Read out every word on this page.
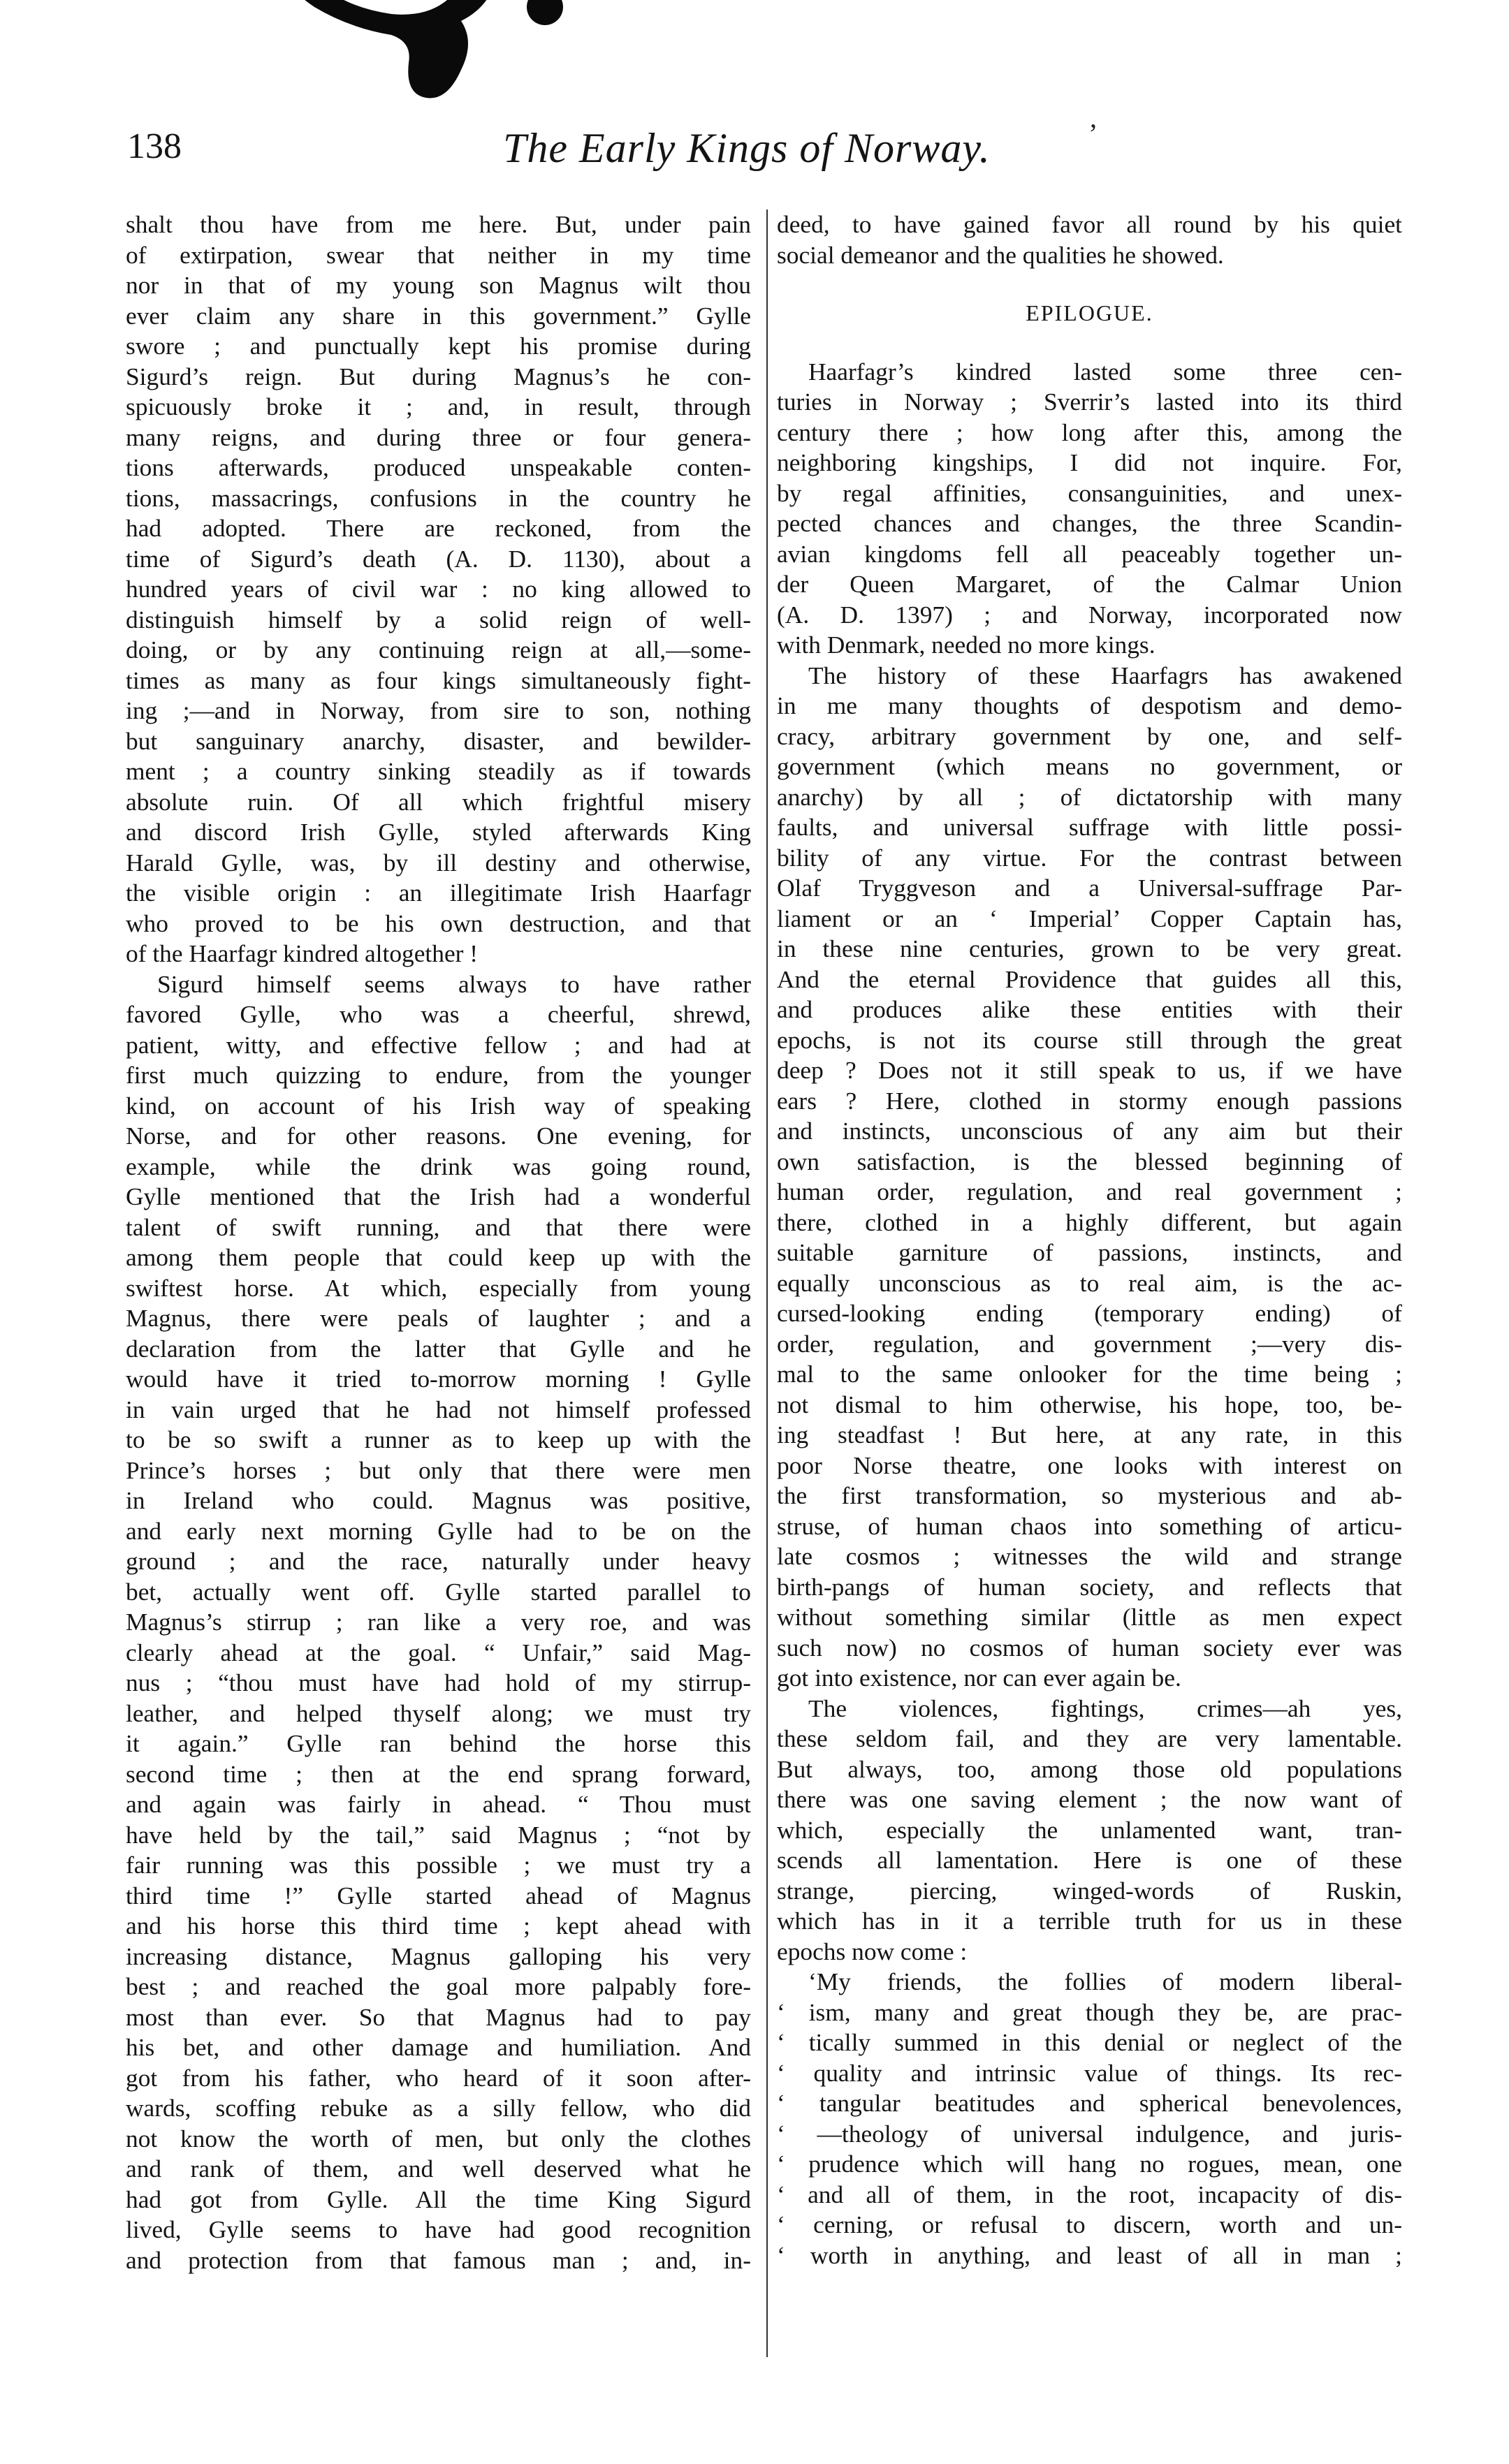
ʼ
138	The Early Kings of Norway.
shalt thou have from me here. But, under pain
of extirpation, swear that neither in my time
nor in that of my young son Magnus wilt thou
ever claim any share in this government.” Gylle
swore ; and punctually kept his promise during
Sigurd’s reign. But during Magnus’s he con-
spicuously broke it ; and, in result, through
many reigns, and during three or four genera-
tions afterwards, produced unspeakable conten-
tions, massacrings, confusions in the country he
had adopted. There are reckoned, from the
time of Sigurd’s death (A. D. 1130), about a
hundred years of civil war : no king allowed to
distinguish himself by a solid reign of well-
doing, or by any continuing reign at all,—some-
times as many as four kings simultaneously fight-
ing ;—and in Norway, from sire to son, nothing
but sanguinary anarchy, disaster, and bewilder-
ment ; a country sinking steadily as if towards
absolute ruin. Of all which frightful misery
and discord Irish Gylle, styled afterwards King
Harald Gylle, was, by ill destiny and otherwise,
the visible origin : an illegitimate Irish Haarfagr
who proved to be his own destruction, and that
of the Haarfagr kindred altogether !
Sigurd himself seems always to have rather
favored Gylle, who was a cheerful, shrewd,
patient, witty, and effective fellow ; and had at
first much quizzing to endure, from the younger
kind, on account of his Irish way of speaking
Norse, and for other reasons. One evening, for
example, while the drink was going round,
Gylle mentioned that the Irish had a wonderful
talent of swift running, and that there were
among them people that could keep up with the
swiftest horse. At which, especially from young
Magnus, there were peals of laughter ; and a
declaration from the latter that Gylle and he
would have it tried to-morrow morning ! Gylle
in vain urged that he had not himself professed
to be so swift a runner as to keep up with the
Prince’s horses ; but only that there were men
in Ireland who could. Magnus was positive,
and early next morning Gylle had to be on the
ground ; and the race, naturally under heavy
bet, actually went off. Gylle started parallel to
Magnus’s stirrup ; ran like a very roe, and was
clearly ahead at the goal. “ Unfair,” said Mag-
nus ; “thou must have had hold of my stirrup-
leather, and helped thyself along; we must try
it again.” Gylle ran behind the horse this
second time ; then at the end sprang forward,
and again was fairly in ahead. “ Thou must
have held by the tail,” said Magnus ; “not by
fair running was this possible ; we must try a
third time !” Gylle started ahead of Magnus
and his horse this third time ; kept ahead with
increasing distance, Magnus galloping his very
best ; and reached the goal more palpably fore-
most than ever. So that Magnus had to pay
his bet, and other damage and humiliation. And
got from his father, who heard of it soon after-
wards, scoffing rebuke as a silly fellow, who did
not know the worth of men, but only the clothes
and rank of them, and well deserved what he
had got from Gylle. All the time King Sigurd
lived, Gylle seems to have had good recognition
and protection from that famous man ; and, in-
deed, to have gained favor all round by his quiet
social demeanor and the qualities he showed.
EPILOGUE.
Haarfagr’s kindred lasted some three cen-
turies in Norway ; Sverrir’s lasted into its third
century there ; how long after this, among the
neighboring kingships, I did not inquire. For,
by regal affinities, consanguinities, and unex-
pected chances and changes, the three Scandin-
avian kingdoms fell all peaceably together un-
der Queen Margaret, of the Calmar Union
(A. D. 1397) ; and Norway, incorporated now
with Denmark, needed no more kings.
The history of these Haarfagrs has awakened
in me many thoughts of despotism and demo-
cracy, arbitrary government by one, and self-
government (which means no government, or
anarchy) by all ; of dictatorship with many
faults, and universal suffrage with little possi-
bility of any virtue. For the contrast between
Olaf Tryggveson and a Universal-suffrage Par-
liament or an ‘ Imperial’ Copper Captain has,
in these nine centuries, grown to be very great.
And the eternal Providence that guides all this,
and produces alike these entities with their
epochs, is not its course still through the great
deep ? Does not it still speak to us, if we have
ears ? Here, clothed in stormy enough passions
and instincts, unconscious of any aim but their
own satisfaction, is the blessed beginning of
human order, regulation, and real government ;
there, clothed in a highly different, but again
suitable garniture of passions, instincts, and
equally unconscious as to real aim, is the ac-
cursed-looking ending (temporary ending) of
order, regulation, and government ;—very dis-
mal to the same onlooker for the time being ;
not dismal to him otherwise, his hope, too, be-
ing steadfast ! But here, at any rate, in this
poor Norse theatre, one looks with interest on
the first transformation, so mysterious and ab-
struse, of human chaos into something of articu-
late cosmos ; witnesses the wild and strange
birth-pangs of human society, and reflects that
without something similar (little as men expect
such now) no cosmos of human society ever was
got into existence, nor can ever again be.
The violences, fightings, crimes—ah yes,
these seldom fail, and they are very lamentable.
But always, too, among those old populations
there was one saving element ; the now want of
which, especially the unlamented want, tran-
scends all lamentation. Here is one of these
strange, piercing, winged-words of Ruskin,
which has in it a terrible truth for us in these
epochs now come :
‘My friends, the follies of modern liberal-
‘ ism, many and great though they be, are prac-
‘ tically summed in this denial or neglect of the
‘ quality and intrinsic value of things. Its rec-
‘ tangular beatitudes and spherical benevolences,
‘ —theology of universal indulgence, and juris-
‘ prudence which will hang no rogues, mean, one
‘ and all of them, in the root, incapacity of dis-
‘ cerning, or refusal to discern, worth and un-
‘ worth in anything, and least of all in man ;
